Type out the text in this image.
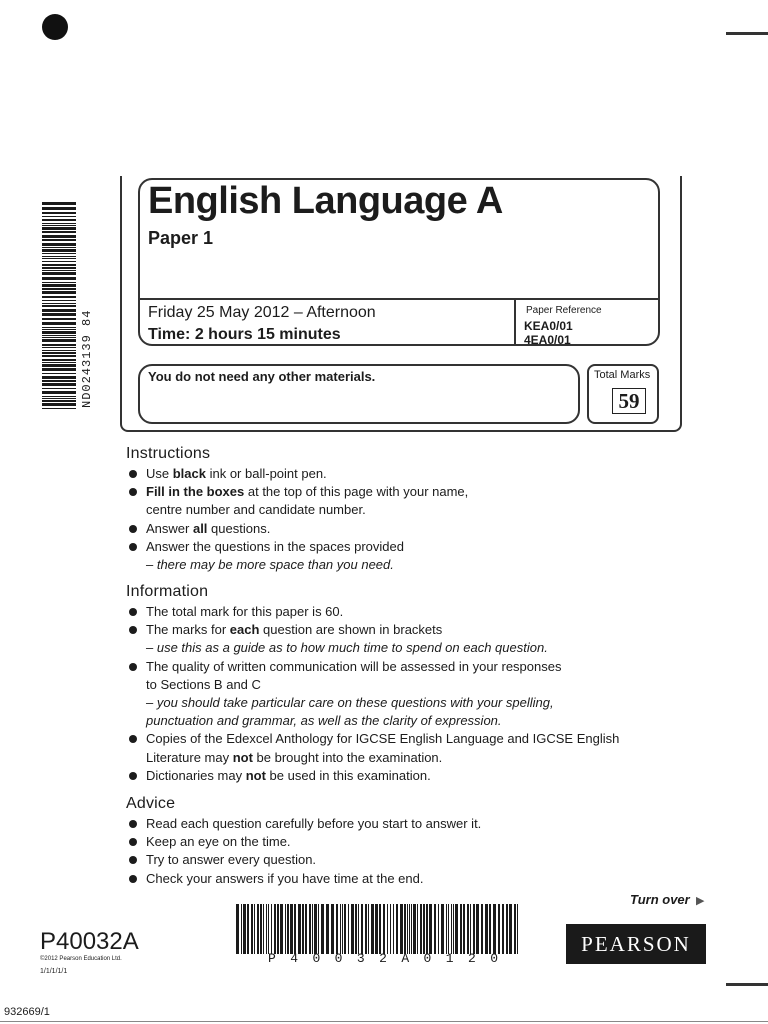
ND0243139 84
English Language A
Paper 1
Friday 25 May 2012 – Afternoon
Time: 2 hours 15 minutes
Paper Reference
KEA0/01
4EA0/01
You do not need any other materials.	Total Marks
59
Instructions
Use black ink or ball-point pen.
Fill in the boxes at the top of this page with your name,
centre number and candidate number.
Answer all questions.
Answer the questions in the spaces provided
– there may be more space than you need.
Information
The total mark for this paper is 60.
The marks for each question are shown in brackets
– use this as a guide as to how much time to spend on each question.
The quality of written communication will be assessed in your responses
to Sections B and C
– you should take particular care on these questions with your spelling,
punctuation and grammar, as well as the clarity of expression.
Copies of the Edexcel Anthology for IGCSE English Language and IGCSE English
Literature may not be brought into the examination.
Dictionaries may not be used in this examination.
Advice
Read each question carefully before you start to answer it.
Keep an eye on the time.
Try to answer every question.
Check your answers if you have time at the end.
Turn over ▶
P40032A
©2012 Pearson Education Ltd.
1/1/1/1/1
P 4 0 0 3 2 A 0 1 2 0
PEARSON
932669/1
